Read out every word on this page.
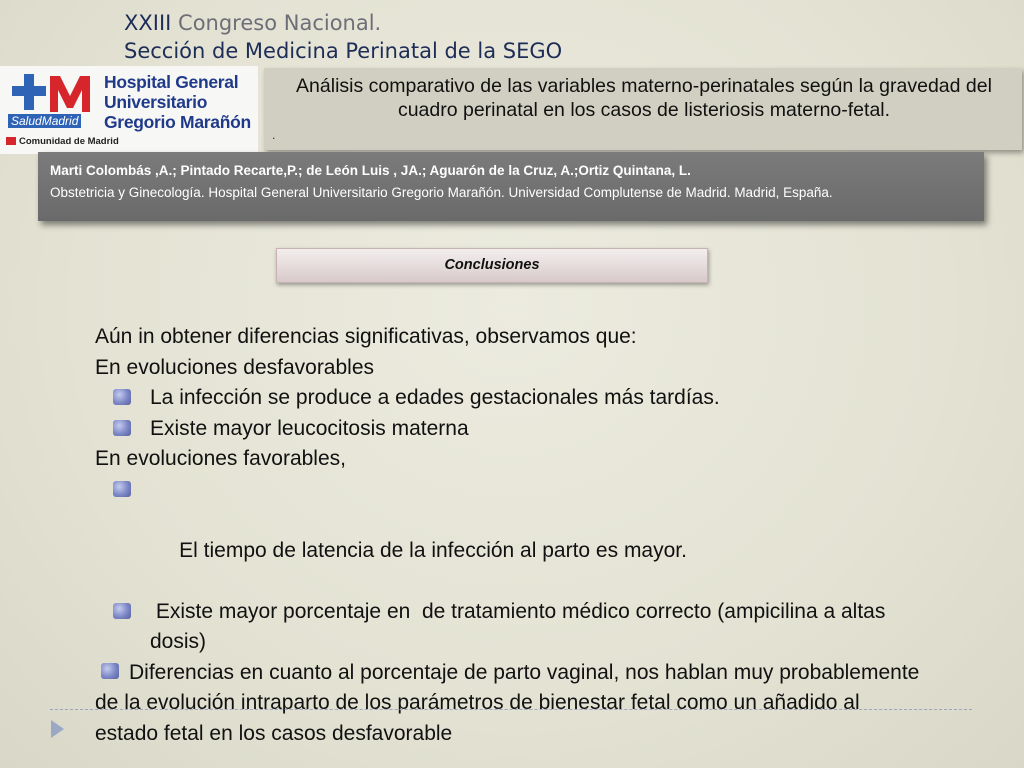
XXIII Congreso Nacional.
Sección de Medicina Perinatal de la SEGO
Hospital General
Universitario
Gregorio Marañón
SaludMadrid
Comunidad de Madrid
Análisis comparativo de las variables materno-perinatales según la gravedad del cuadro perinatal en los casos de listeriosis materno-fetal.
.
Marti Colombás ,A.; Pintado Recarte,P.; de León Luis , JA.; Aguarón de la Cruz, A.;Ortiz Quintana, L.
Obstetricia y Ginecología. Hospital General Universitario Gregorio Marañón. Universidad Complutense de Madrid. Madrid, España.
Conclusiones
Aún in obtener diferencias significativas, observamos que:
En evoluciones desfavorables
La infección se produce a edades gestacionales más tardías.
Existe mayor leucocitosis materna
En evoluciones favorables,

El tiempo de latencia de la infección al parto es mayor.

Existe mayor porcentaje en  de tratamiento médico correcto (ampicilina a altas dosis)
Diferencias en cuanto al porcentaje de parto vaginal, nos hablan muy probablemente de la evolución intraparto de los parámetros de bienestar fetal como un añadido al estado fetal en los casos desfavorable
